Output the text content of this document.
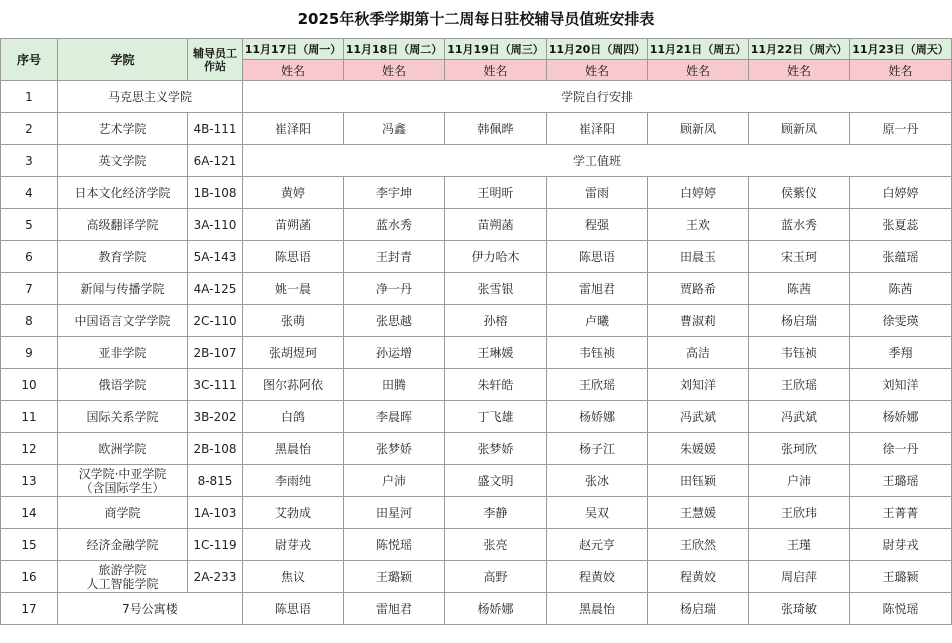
2025年秋季学期第十二周每日驻校辅导员值班安排表
序号	学院	辅导员工作站	11月17日（周一）	11月18日（周二）	11月19日（周三）	11月20日（周四）	11月21日（周五）	11月22日（周六）	11月23日（周天）
			姓名	姓名	姓名	姓名	姓名	姓名	姓名
1	马克思主义学院		学院自行安排						
2	艺术学院	4B-111	崔泽阳	冯鑫	韩佩晔	崔泽阳	顾新凤	顾新凤	原一丹
3	英文学院	6A-121	学工值班						
4	日本文化经济学院	1B-108	黄婷	李宇坤	王明昕	雷雨	白婷婷	侯紫仪	白婷婷
5	高级翻译学院	3A-110	苗朔菡	蓝水秀	苗朔菡	程强	王欢	蓝水秀	张夏蕊
6	教育学院	5A-143	陈思语	王封青	伊力哈木	陈思语	田晨玉	宋玉珂	张蕴瑶
7	新闻与传播学院	4A-125	姚一晨	净一丹	张雪银	雷旭君	贾路希	陈茜	陈茜
8	中国语言文学学院	2C-110	张萌	张思越	孙榕	卢曦	曹淑莉	杨启瑞	徐雯瑛
9	亚非学院	2B-107	张胡煜珂	孙运增	王琳媛	韦钰祯	高洁	韦钰祯	季翔
10	俄语学院	3C-111	图尔荪阿依	田腾	朱轩皓	王欣瑶	刘知洋	王欣瑶	刘知洋
11	国际关系学院	3B-202	白鸽	李晨晖	丁飞雄	杨娇娜	冯武斌	冯武斌	杨娇娜
12	欧洲学院	2B-108	黑晨怡	张梦娇	张梦娇	杨子江	朱媛媛	张珂欣	徐一丹
13	汉学院·中亚学院
（含国际学生）	8-815	李雨纯	户沛	盛文明	张冰	田钰颖	户沛	王璐瑶
14	商学院	1A-103	艾勃成	田星河	李静	吴双	王慧媛	王欣玮	王菁菁
15	经济金融学院	1C-119	尉芽戎	陈悦瑶	张亮	赵元亨	王欣然	王瑾	尉芽戎
16	旅游学院
人工智能学院	2A-233	焦议	王璐颖	高野	程黄姣	程黄姣	周启萍	王璐颖
17	7号公寓楼		陈思语	雷旭君	杨娇娜	黑晨怡	杨启瑞	张琦敏	陈悦瑶
